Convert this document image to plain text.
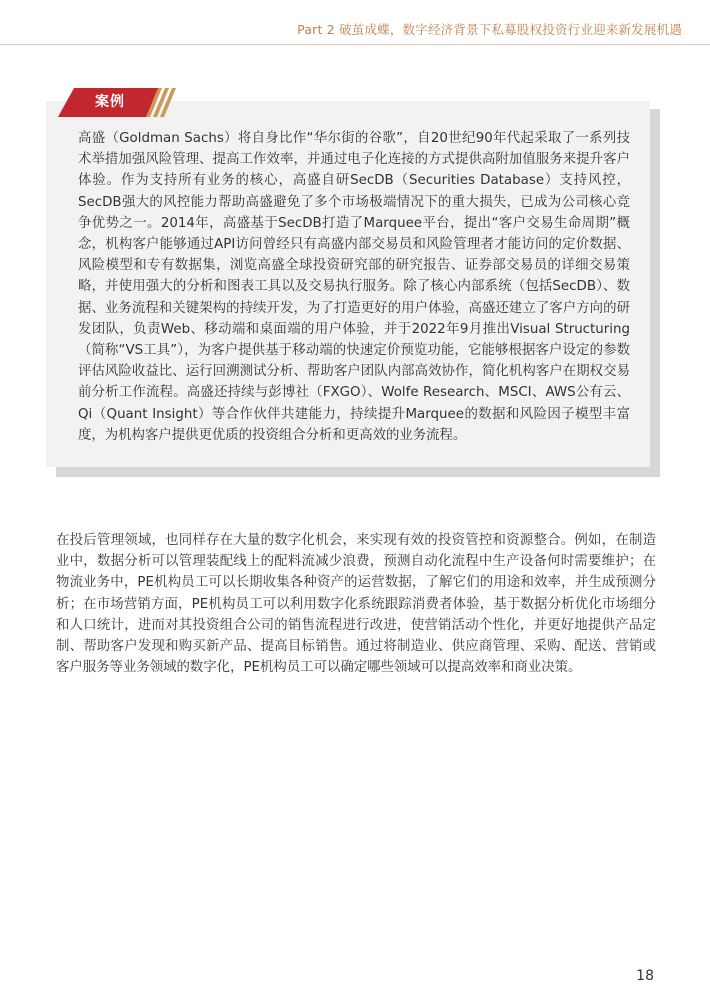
Part 2 破茧成蝶，数字经济背景下私募股权投资行业迎来新发展机遇
案例
高盛（Goldman Sachs）将自身比作“华尔街的谷歌”，自20世纪90年代起采取了一系列技术举措加强风险管理、提高工作效率，并通过电子化连接的方式提供高附加值服务来提升客户体验。作为支持所有业务的核心，高盛自研SecDB（Securities Database）支持风控，SecDB强大的风控能力帮助高盛避免了多个市场极端情况下的重大损失，已成为公司核心竞争优势之一。2014年，高盛基于SecDB打造了Marquee平台，提出“客户交易生命周期”概念，机构客户能够通过API访问曾经只有高盛内部交易员和风险管理者才能访问的定价数据、风险模型和专有数据集，浏览高盛全球投资研究部的研究报告、证券部交易员的详细交易策略，并使用强大的分析和图表工具以及交易执行服务。除了核心内部系统（包括SecDB）、数据、业务流程和关键架构的持续开发，为了打造更好的用户体验，高盛还建立了客户方向的研发团队，负责Web、移动端和桌面端的用户体验，并于2022年9月推出Visual Structuring（简称“VS工具”），为客户提供基于移动端的快速定价预览功能，它能够根据客户设定的参数评估风险收益比、运行回溯测试分析、帮助客户团队内部高效协作，简化机构客户在期权交易前分析工作流程。高盛还持续与彭博社（FXGO）、Wolfe Research、MSCI、AWS公有云、Qi（Quant Insight）等合作伙伴共建能力，持续提升Marquee的数据和风险因子模型丰富度，为机构客户提供更优质的投资组合分析和更高效的业务流程。
在投后管理领域，也同样存在大量的数字化机会，来实现有效的投资管控和资源整合。例如，在制造业中，数据分析可以管理装配线上的配料流减少浪费，预测自动化流程中生产设备何时需要维护；在物流业务中，PE机构员工可以长期收集各种资产的运营数据，了解它们的用途和效率，并生成预测分析；在市场营销方面，PE机构员工可以利用数字化系统跟踪消费者体验，基于数据分析优化市场细分和人口统计，进而对其投资组合公司的销售流程进行改进，使营销活动个性化，并更好地提供产品定制、帮助客户发现和购买新产品、提高目标销售。通过将制造业、供应商管理、采购、配送、营销或客户服务等业务领域的数字化，PE机构员工可以确定哪些领域可以提高效率和商业决策。
18
